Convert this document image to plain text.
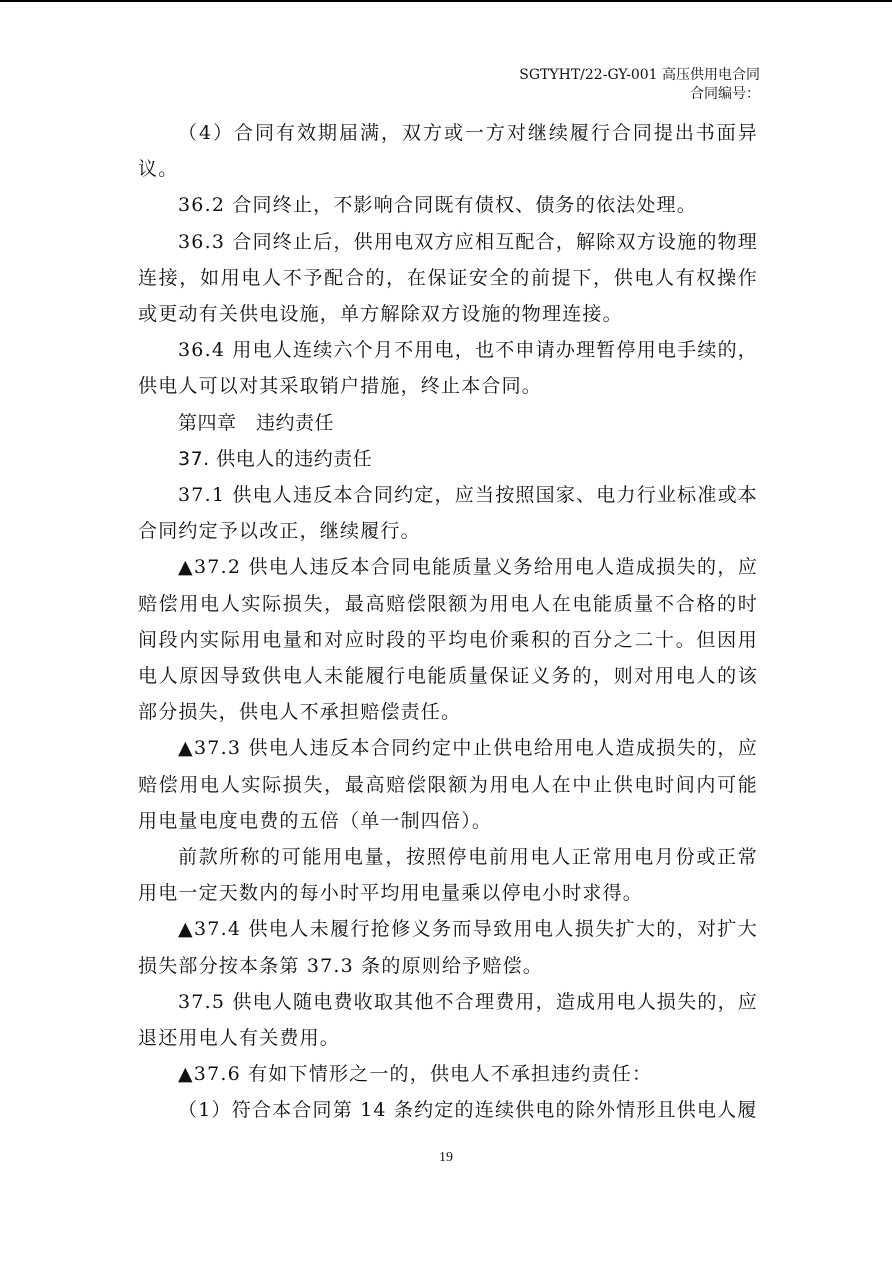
SGTYHT/22-GY-001 高压供用电合同
合同编号：

（4）合同有效期届满，双方或一方对继续履行合同提出书面异议。

36.2 合同终止，不影响合同既有债权、债务的依法处理。

36.3 合同终止后，供用电双方应相互配合，解除双方设施的物理连接，如用电人不予配合的，在保证安全的前提下，供电人有权操作或更动有关供电设施，单方解除双方设施的物理连接。

36.4 用电人连续六个月不用电，也不申请办理暂停用电手续的，供电人可以对其采取销户措施，终止本合同。

第四章　违约责任

37. 供电人的违约责任

37.1 供电人违反本合同约定，应当按照国家、电力行业标准或本合同约定予以改正，继续履行。

▲37.2 供电人违反本合同电能质量义务给用电人造成损失的，应赔偿用电人实际损失，最高赔偿限额为用电人在电能质量不合格的时间段内实际用电量和对应时段的平均电价乘积的百分之二十。但因用电人原因导致供电人未能履行电能质量保证义务的，则对用电人的该部分损失，供电人不承担赔偿责任。

▲37.3 供电人违反本合同约定中止供电给用电人造成损失的，应赔偿用电人实际损失，最高赔偿限额为用电人在中止供电时间内可能用电量电度电费的五倍（单一制四倍）。

前款所称的可能用电量，按照停电前用电人正常用电月份或正常用电一定天数内的每小时平均用电量乘以停电小时求得。

▲37.4 供电人未履行抢修义务而导致用电人损失扩大的，对扩大损失部分按本条第 37.3 条的原则给予赔偿。

37.5 供电人随电费收取其他不合理费用，造成用电人损失的，应退还用电人有关费用。

▲37.6 有如下情形之一的，供电人不承担违约责任：

（1）符合本合同第 14 条约定的连续供电的除外情形且供电人履

19
